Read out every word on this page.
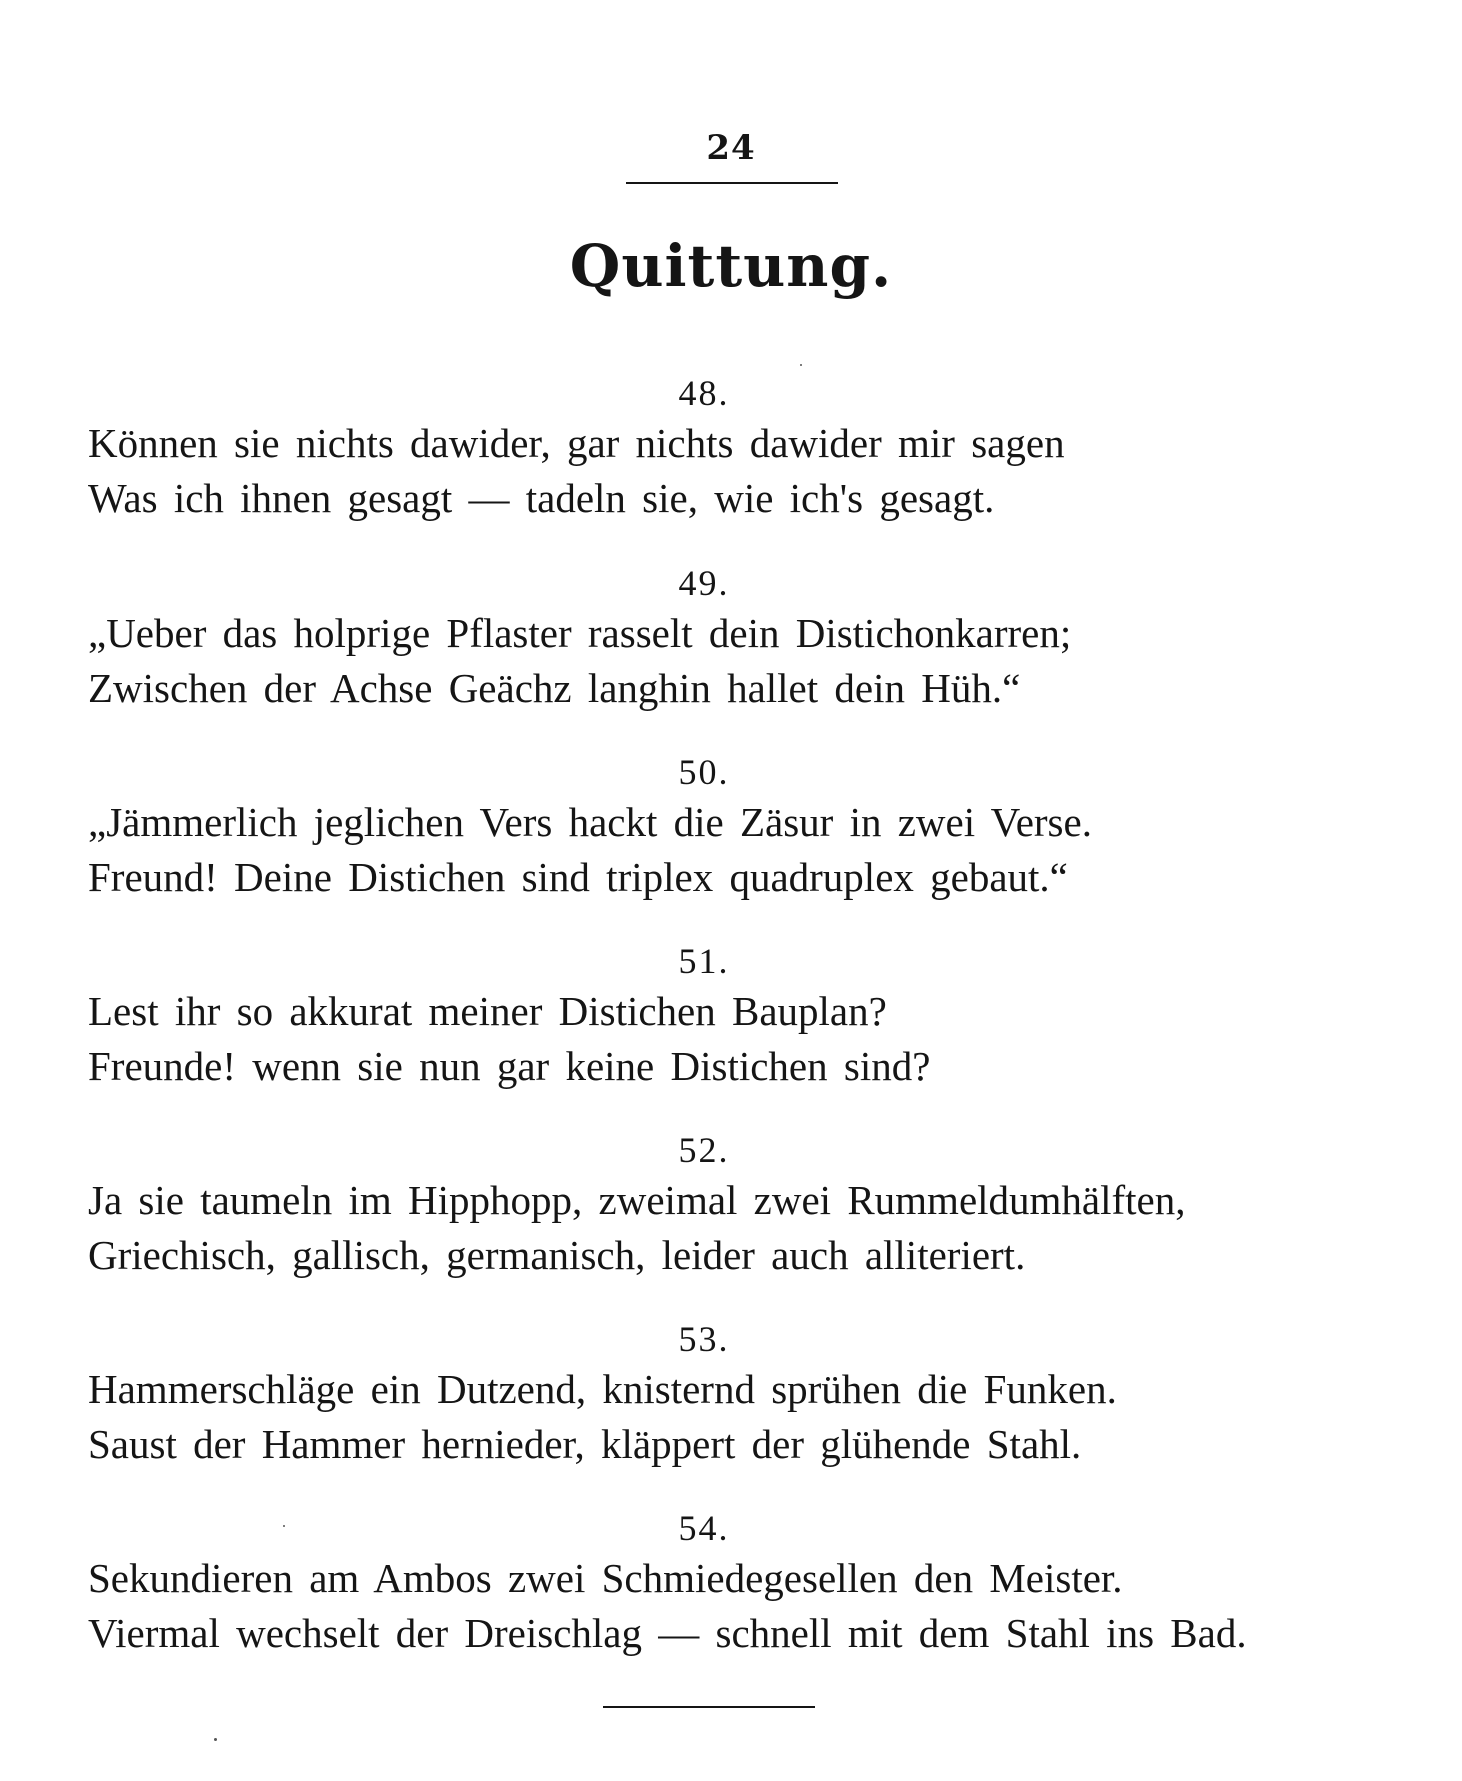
24
Quittung.
48.
Können sie nichts dawider, gar nichts dawider mir sagen
Was ich ihnen gesagt — tadeln sie, wie ich's gesagt.
49.
„Ueber das holprige Pflaster rasselt dein Distichonkarren;
Zwischen der Achse Geächz langhin hallet dein Hüh.“
50.
„Jämmerlich jeglichen Vers hackt die Zäsur in zwei Verse.
Freund! Deine Distichen sind triplex quadruplex gebaut.“
51.
Lest ihr so akkurat meiner Distichen Bauplan?
Freunde! wenn sie nun gar keine Distichen sind?
52.
Ja sie taumeln im Hipphopp, zweimal zwei Rummeldumhälften,
Griechisch, gallisch, germanisch, leider auch alliteriert.
53.
Hammerschläge ein Dutzend, knisternd sprühen die Funken.
Saust der Hammer hernieder, kläppert der glühende Stahl.
54.
Sekundieren am Ambos zwei Schmiedegesellen den Meister.
Viermal wechselt der Dreischlag — schnell mit dem Stahl ins Bad.
